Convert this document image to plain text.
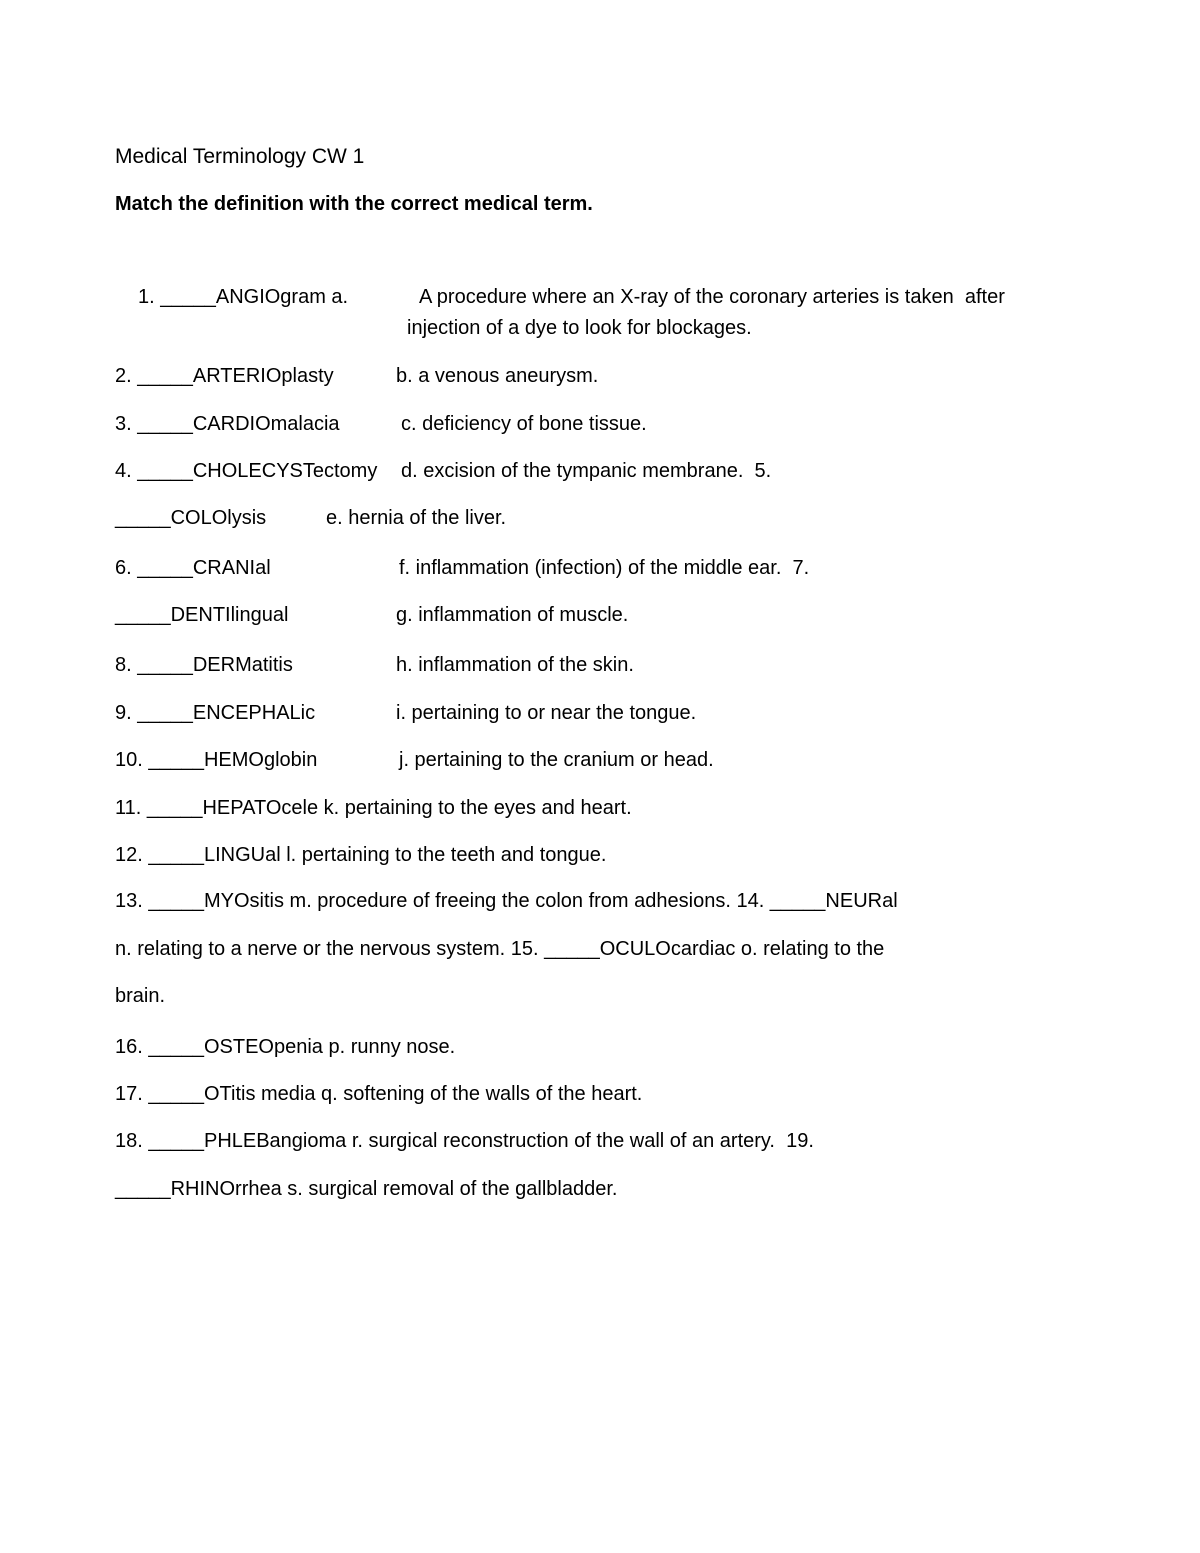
Medical Terminology CW 1
Match the definition with the correct medical term.
1. _____ANGIOgram a.	A procedure where an X-ray of the coronary arteries is taken  after
injection of a dye to look for blockages.
2. _____ARTERIOplasty	b. a venous aneurysm.
3. _____CARDIOmalacia	c. deficiency of bone tissue.
4. _____CHOLECYSTectomy d. excision of the tympanic membrane.  5.
_____COLOlysis	e. hernia of the liver.
6. _____CRANIal	f. inflammation (infection) of the middle ear.  7.
_____DENTIlingual	g. inflammation of muscle.
8. _____DERMatitis	h. inflammation of the skin.
9. _____ENCEPHALic	i. pertaining to or near the tongue.
10. _____HEMOglobin	j. pertaining to the cranium or head.
11. _____HEPATOcele k. pertaining to the eyes and heart.
12. _____LINGUal l. pertaining to the teeth and tongue.
13. _____MYOsitis m. procedure of freeing the colon from adhesions. 14. _____NEURal
n. relating to a nerve or the nervous system. 15. _____OCULOcardiac o. relating to the
brain.
16. _____OSTEOpenia p. runny nose.
17. _____OTitis media q. softening of the walls of the heart.
18. _____PHLEBangioma r. surgical reconstruction of the wall of an artery.  19.
_____RHINOrrhea s. surgical removal of the gallbladder.
